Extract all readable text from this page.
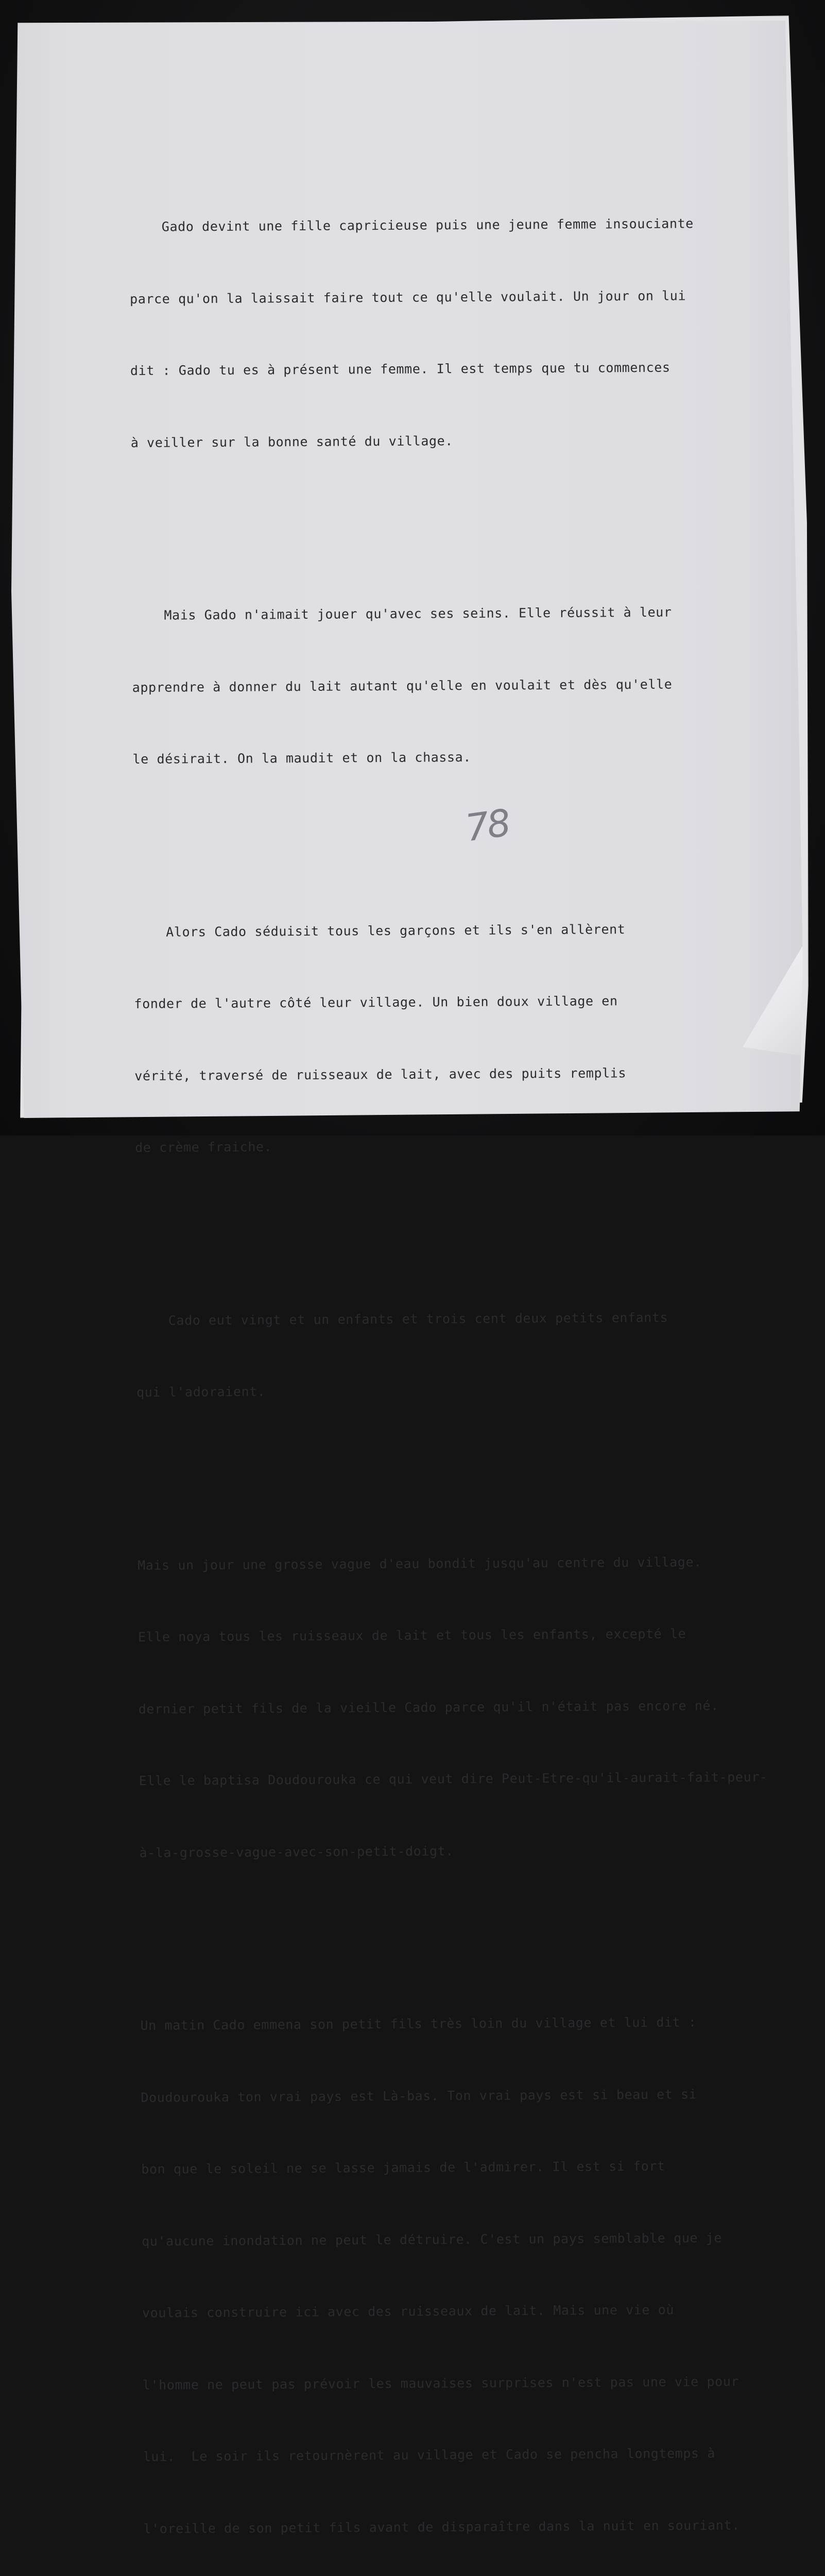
Gado devint une fille capricieuse puis une jeune femme insouciante

parce qu'on la laissait faire tout ce qu'elle voulait. Un jour on lui

dit : Gado tu es à présent une femme. Il est temps que tu commences

à veiller sur la bonne santé du village.

Mais Gado n'aimait jouer qu'avec ses seins. Elle réussit à leur

apprendre à donner du lait autant qu'elle en voulait et dès qu'elle

le désirait. On la maudit et on la chassa.

Alors Cado séduisit tous les garçons et ils s'en allèrent

fonder de l'autre côté leur village. Un bien doux village en

vérité, traversé de ruisseaux de lait, avec des puits remplis

de crème fraiche.

Cado eut vingt et un enfants et trois cent deux petits enfants

qui l'adoraient.

Mais un jour une grosse vague d'eau bondit jusqu'au centre du village.

Elle noya tous les ruisseaux de lait et tous les enfants, excepté le

dernier petit fils de la vieille Cado parce qu'il n'était pas encore né.

Elle le baptisa Doudourouka ce qui veut dire Peut-Etre-qu'il-aurait-fait-peur-

à-la-grosse-vague-avec-son-petit-doigt.

Un matin Cado emmena son petit fils très loin du village et lui dit :

Doudourouka ton vrai pays est Là-bas. Ton vrai pays est si beau et si

bon que le soleil ne se lasse jamais de l'admirer. Il est si fort

qu'aucune inondation ne peut le détruire. C'est un pays semblable que je

voulais construire ici avec des ruisseaux de lait. Mais une vie où

l'homme ne peut pas prévoir les mauvaises surprises n'est pas une vie pour

lui.  Le soir ils retournèrent au village et Cado se pencha longtemps à

l'oreille de son petit fils avant de disparaître dans la nuit en souriant.

78
